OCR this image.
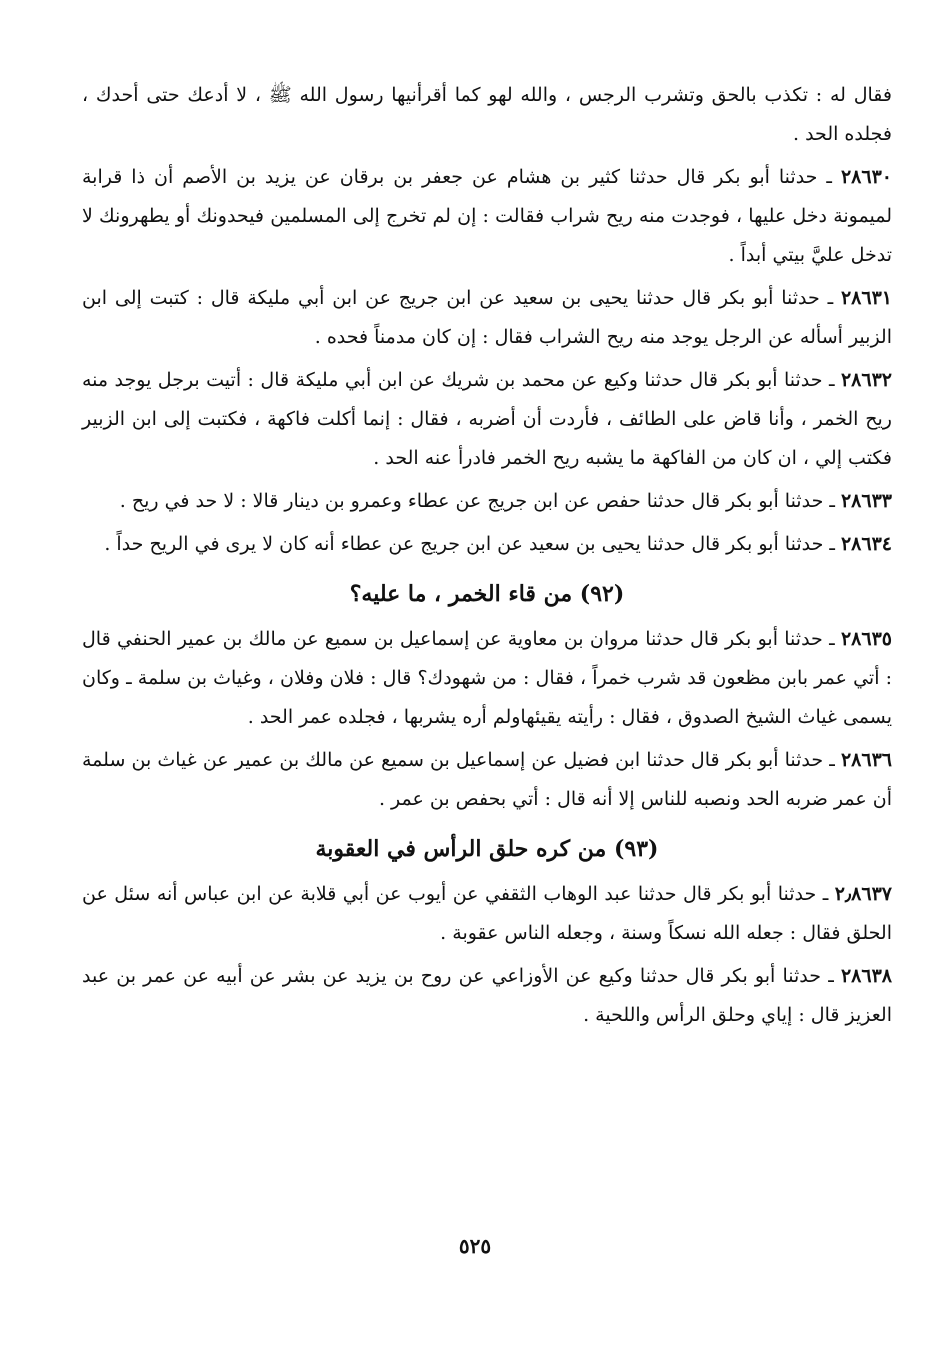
فقال له : تكذب بالحق وتشرب الرجس ، والله لهو كما أقرأنيها رسول الله ﷺ ، لا أدعك حتى أحدك ، فجلده الحد .

٢٨٦٣٠ ـ حدثنا أبو بكر قال حدثنا كثير بن هشام عن جعفر بن برقان عن يزيد بن الأصم أن ذا قرابة لميمونة دخل عليها ، فوجدت منه ريح شراب فقالت : إن لم تخرج إلى المسلمين فيحدونك أو يطهرونك لا تدخل عليَّ بيتي أبداً .

٢٨٦٣١ ـ حدثنا أبو بكر قال حدثنا يحيى بن سعيد عن ابن جريج عن ابن أبي مليكة قال : كتبت إلى ابن الزبير أسأله عن الرجل يوجد منه ريح الشراب فقال : إن كان مدمناً فحده .

٢٨٦٣٢ ـ حدثنا أبو بكر قال حدثنا وكيع عن محمد بن شريك عن ابن أبي مليكة قال : أتيت برجل يوجد منه ريح الخمر ، وأنا قاض على الطائف ، فأردت أن أضربه ، فقال : إنما أكلت فاكهة ، فكتبت إلى ابن الزبير فكتب إلي ، ان كان من الفاكهة ما يشبه ريح الخمر فادرأ عنه الحد .

٢٨٦٣٣ ـ حدثنا أبو بكر قال حدثنا حفص عن ابن جريج عن عطاء وعمرو بن دينار قالا : لا حد في ريح .

٢٨٦٣٤ ـ حدثنا أبو بكر قال حدثنا يحيى بن سعيد عن ابن جريج عن عطاء أنه كان لا يرى في الريح حداً .

(٩٢) من قاء الخمر ، ما عليه؟

٢٨٦٣٥ ـ حدثنا أبو بكر قال حدثنا مروان بن معاوية عن إسماعيل بن سميع عن مالك بن عمير الحنفي قال : أتي عمر بابن مظعون قد شرب خمراً ، فقال : من شهودك؟ قال : فلان وفلان ، وغياث بن سلمة ـ وكان يسمى غياث الشيخ الصدوق ، فقال : رأيته يقيئهاولم أره يشربها ، فجلده عمر الحد .

٢٨٦٣٦ ـ حدثنا أبو بكر قال حدثنا ابن فضيل عن إسماعيل بن سميع عن مالك بن عمير عن غياث بن سلمة أن عمر ضربه الحد ونصبه للناس إلا أنه قال : أتي بحفص بن عمر .

(٩٣) من كره حلق الرأس في العقوبة

٢٫٨٦٣٧ ـ حدثنا أبو بكر قال حدثنا عبد الوهاب الثقفي عن أيوب عن أبي قلابة عن ابن عباس أنه سئل عن الحلق فقال : جعله الله نسكاً وسنة ، وجعله الناس عقوبة .

٢٨٦٣٨ ـ حدثنا أبو بكر قال حدثنا وكيع عن الأوزاعي عن روح بن يزيد عن بشر عن أبيه عن عمر بن عبد العزيز قال : إياي وحلق الرأس واللحية .

٥٢٥
